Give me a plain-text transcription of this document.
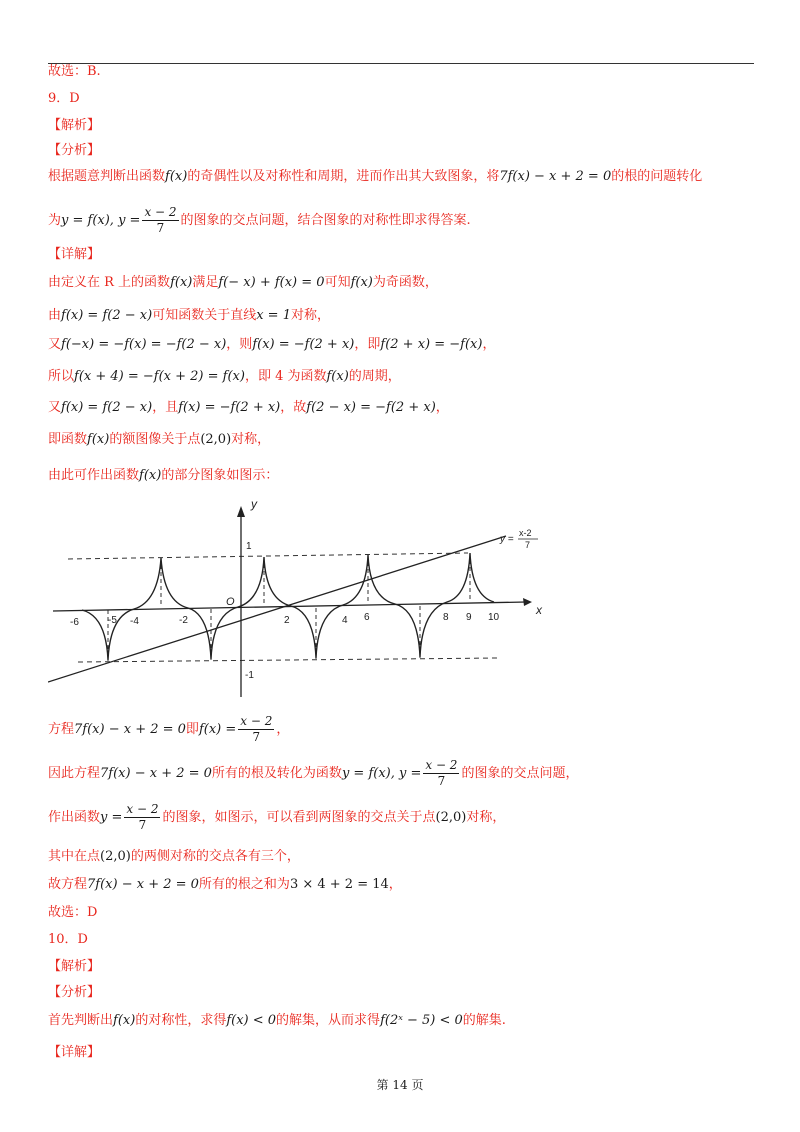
故选：B.
9．D
【解析】
【分析】
根据题意判断出函数f(x)的奇偶性以及对称性和周期，进而作出其大致图象，将7f(x) − x + 2 = 0的根的问题转化
为y = f(x), $y = \frac{x - 2}{7}$ 的图象的交点问题，结合图象的对称性即求得答案.
【详解】
由定义在 R 上的函数f(x)满足f(− x) + f(x) = 0可知f(x)为奇函数，
由f(x) = f(2 − x)可知函数关于直线x = 1对称，
又f(−x) = −f(x) = −f(2 − x)，则f(x) = −f(2 + x)，即f(2 + x) = −f(x)，
所以f(x + 4) = −f(x + 2) = f(x)，即 4 为函数f(x)的周期，
又f(x) = f(2 − x)，且f(x) = −f(2 + x)，故f(2 − x) = −f(2 + x)，
即函数f(x)的额图像关于点(2,0)对称，
由此可作出函数f(x)的部分图象如图示：
y
x
O
1
-1
-6	-5 -4	-2	2	4 6	8 9 10
y =
x-2
7
方程7f(x) − x + 2 = 0即$f(x) = \frac{x - 2}{7}$ ，
因此方程7f(x) − x + 2 = 0所有的根及转化为函数y = f(x), $y = \frac{x - 2}{7}$ 的图象的交点问题，
作出函数$y = \frac{x - 2}{7}$ 的图象，如图示，可以看到两图象的交点关于点(2,0)对称，
其中在点(2,0)的两侧对称的交点各有三个，
故方程7f(x) − x + 2 = 0所有的根之和为3 × 4 + 2 = 14，
故选：D
10．D
【解析】
【分析】
首先判断出f(x)的对称性，求得f(x) < 0的解集，从而求得f(2ˣ − 5) < 0的解集.
【详解】
第 14 页
